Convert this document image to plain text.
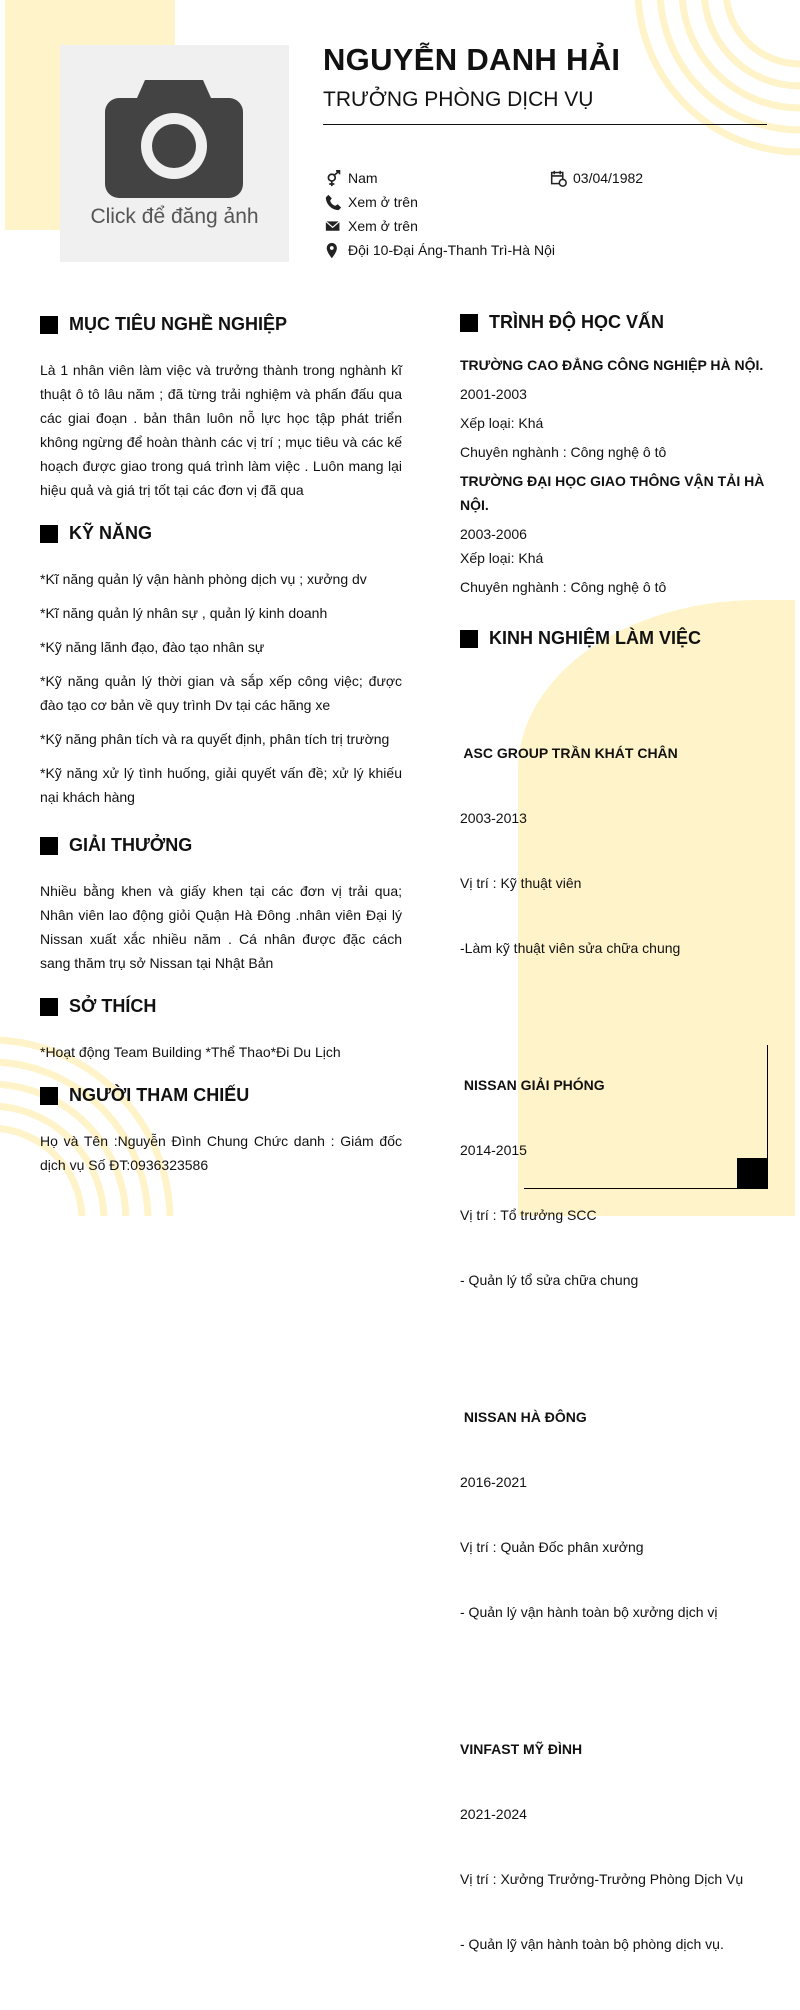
Click để đăng ảnh
NGUYỄN DANH HẢI
TRƯỞNG PHÒNG DỊCH VỤ
Nam	03/04/1982
Xem ở trên
Xem ở trên
Đội 10-Đại Áng-Thanh Trì-Hà Nội
MỤC TIÊU NGHỀ NGHIỆP
Là 1 nhân viên làm việc và trưởng thành trong nghành kĩ thuật ô tô lâu năm ; đã từng trải nghiệm và phấn đấu qua các giai đoạn . bản thân luôn nỗ lực học tập phát triển không ngừng để hoàn thành các vị trí ; mục tiêu và các kế hoạch được giao trong quá trình làm việc . Luôn mang lại hiệu quả và giá trị tốt tại các đơn vị đã qua
KỸ NĂNG
*Kĩ năng quản lý vận hành phòng dịch vụ ; xưởng dv
*Kĩ năng quản lý nhân sự , quản lý kinh doanh
*Kỹ năng lãnh đạo, đào tạo nhân sự
*Kỹ năng quản lý thời gian và sắp xếp công việc; được đào tạo cơ bản về quy trình Dv tại các hãng xe
*Kỹ năng phân tích và ra quyết định, phân tích trị trường
*Kỹ năng xử lý tình huống, giải quyết vấn đề; xử lý khiếu nại khách hàng
GIẢI THƯỞNG
Nhiều bằng khen và giấy khen tại các đơn vị trải qua; Nhân viên lao động giỏi Quận Hà Đông .nhân viên Đại lý Nissan xuất xắc nhiều năm . Cá nhân được đặc cách sang thăm trụ sở Nissan tại Nhật Bản
SỞ THÍCH
*Hoạt động Team Building *Thể Thao*Đi Du Lịch
NGƯỜI THAM CHIẾU
Họ và Tên :Nguyễn Đình Chung Chức danh : Giám đốc dịch vụ Số ĐT:0936323586
TRÌNH ĐỘ HỌC VẤN
TRƯỜNG CAO ĐẲNG CÔNG NGHIỆP HÀ NỘI.
2001-2003
Xếp loại: Khá
Chuyên nghành : Công nghệ ô tô
TRƯỜNG ĐẠI HỌC GIAO THÔNG VẬN TẢI HÀ NỘI.
2003-2006
Xếp loại: Khá
Chuyên nghành : Công nghệ ô tô
KINH NGHIỆM LÀM VIỆC

ASC GROUP TRẦN KHÁT CHÂN

2003-2013

Vị trí : Kỹ thuật viên

-Làm kỹ thuật viên sửa chữa chung

NISSAN GIẢI PHÓNG

2014-2015

Vị trí : Tổ trưởng SCC

- Quản lý tổ sửa chữa chung

NISSAN HÀ ĐÔNG

2016-2021

Vị trí : Quản Đốc phân xưởng

- Quản lý vận hành toàn bộ xưởng dịch vị

VINFAST MỸ ĐÌNH

2021-2024

Vị trí : Xưởng Trưởng-Trưởng Phòng Dịch Vụ

- Quản lỹ vận hành toàn bộ phòng dịch vụ.
